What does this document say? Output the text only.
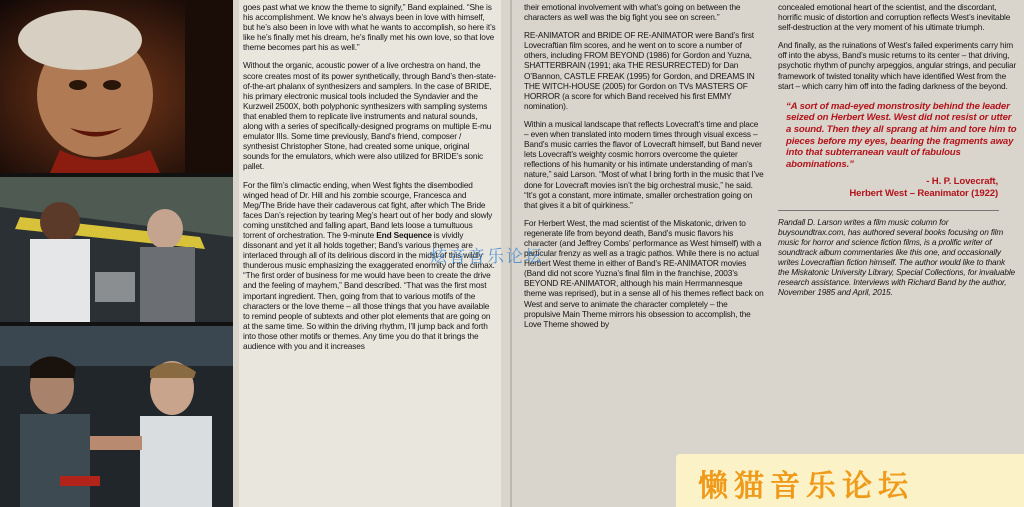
goes past what we know the theme to signify,” Band explained. “She is his accomplishment. We know he’s always been in love with himself, but he’s also been in love with what he wants to accomplish, so here it’s like he’s finally met his dream, he’s finally met his own love, so that love theme becomes part his as well.”

Without the organic, acoustic power of a live orchestra on hand, the score creates most of its power synthetically, through Band’s then-state-of-the-art phalanx of synthesizers and samplers. In the case of BRIDE, his primary electronic musical tools included the Syndavier and the Kurzweil 2500X, both polyphonic synthesizers with sampling systems that enabled them to replicate live instruments and natural sounds, along with a series of specifically-designed programs on multiple E-mu emulator IIIs. Some time previously, Band’s friend, composer / synthesist Christopher Stone, had created some unique, original sounds for the emulators, which were also utilized for BRIDE’s sonic pallet.

For the film’s climactic ending, when West fights the disembodied winged head of Dr. Hill and his zombie scourge, Francesca and Meg/The Bride have their cadaverous cat fight, after which The Bride faces Dan’s rejection by tearing Meg’s heart out of her body and slowly coming unstitched and falling apart, Band lets loose a tumultuous torrent of orchestration. The 9-minute End Sequence is vividly dissonant and yet it all holds together; Band’s various themes are interlaced through all of its delirious discord in the midst of this wildly thunderous music emphasizing the exaggerated enormity of the climax. “The first order of business for me would have been to create the drive and the feeling of mayhem,” Band described. “That was the first most important ingredient. Then, going from that to various motifs of the characters or the love theme – all those things that you have available to remind people of subtexts and other plot elements that are going on at the same time. So within the driving rhythm, I’ll jump back and forth into those other motifs or themes. Any time you do that it brings the audience with you and it increases

their emotional involvement with what’s going on between the characters as well was the big fight you see on screen.”

RE-ANIMATOR and BRIDE OF RE-ANIMATOR were Band’s first Lovecraftian film scores, and he went on to score a number of others, including FROM BEYOND (1986) for Gordon and Yuzna, SHATTERBRAIN (1991; aka THE RESURRECTED) for Dan O’Bannon, CASTLE FREAK (1995) for Gordon, and DREAMS IN THE WITCH-HOUSE (2005) for Gordon on TVs MASTERS OF HORROR (a score for which Band received his first EMMY nomination).

Within a musical landscape that reflects Lovecraft’s time and place – even when translated into modern times through visual excess – Band’s music carries the flavor of Lovecraft himself, but Band never lets Lovecraft’s weighty cosmic horrors overcome the quieter reflections of his humanity or his intimate understanding of man’s nature,” said Larson. “Most of what I bring forth in the music that I’ve done for Lovecraft movies isn’t the big orchestral music,” he said. “It’s got a constant, more intimate, smaller orchestration going on that gives it a bit of quirkiness.”

For Herbert West, the mad scientist of the Miskatonic, driven to regenerate life from beyond death, Band’s music flavors his character (and Jeffrey Combs’ performance as West himself) with a particular frenzy as well as a tragic pathos. While there is no actual Herbert West theme in either of Band’s RE-ANIMATOR movies (Band did not score Yuzna’s final film in the franchise, 2003’s BEYOND RE-ANIMATOR, although his main Herrmannesque theme was reprised), but in a sense all of his themes reflect back on West and serve to animate the character completely – the propulsive Main Theme mirrors his obsession to accomplish, the Love Theme showed by

concealed emotional heart of the scientist, and the discordant, horrific music of distortion and corruption reflects West’s inevitable self-destruction at the very moment of his ultimate triumph.

And finally, as the ruinations of West’s failed experiments carry him off into the abyss, Band’s music returns to its center – that driving, psychotic rhythm of punchy arpeggios, angular strings, and peculiar framework of twisted tonality which have identified West from the start – which carry him off into the fading darkness of the beyond.

“A sort of mad-eyed monstrosity behind the leader seized on Herbert West. West did not resist or utter a sound. Then they all sprang at him and tore him to pieces before my eyes, bearing the fragments away into that subterranean vault of fabulous abominations.”
- H. P. Lovecraft,
Herbert West – Reanimator (1922)
Randall D. Larson writes a film music column for buysoundtrax.com, has authored several books focusing on film music for horror and science fiction films, is a prolific writer of soundtrack album commentaries like this one, and occasionally writes Lovecraftian fiction himself. The author would like to thank the Miskatonic University Library, Special Collections, for invaluable research assistance. Interviews with Richard Band by the author, November 1985 and April, 2015.
炫音音乐论坛
懒猫音乐论坛
